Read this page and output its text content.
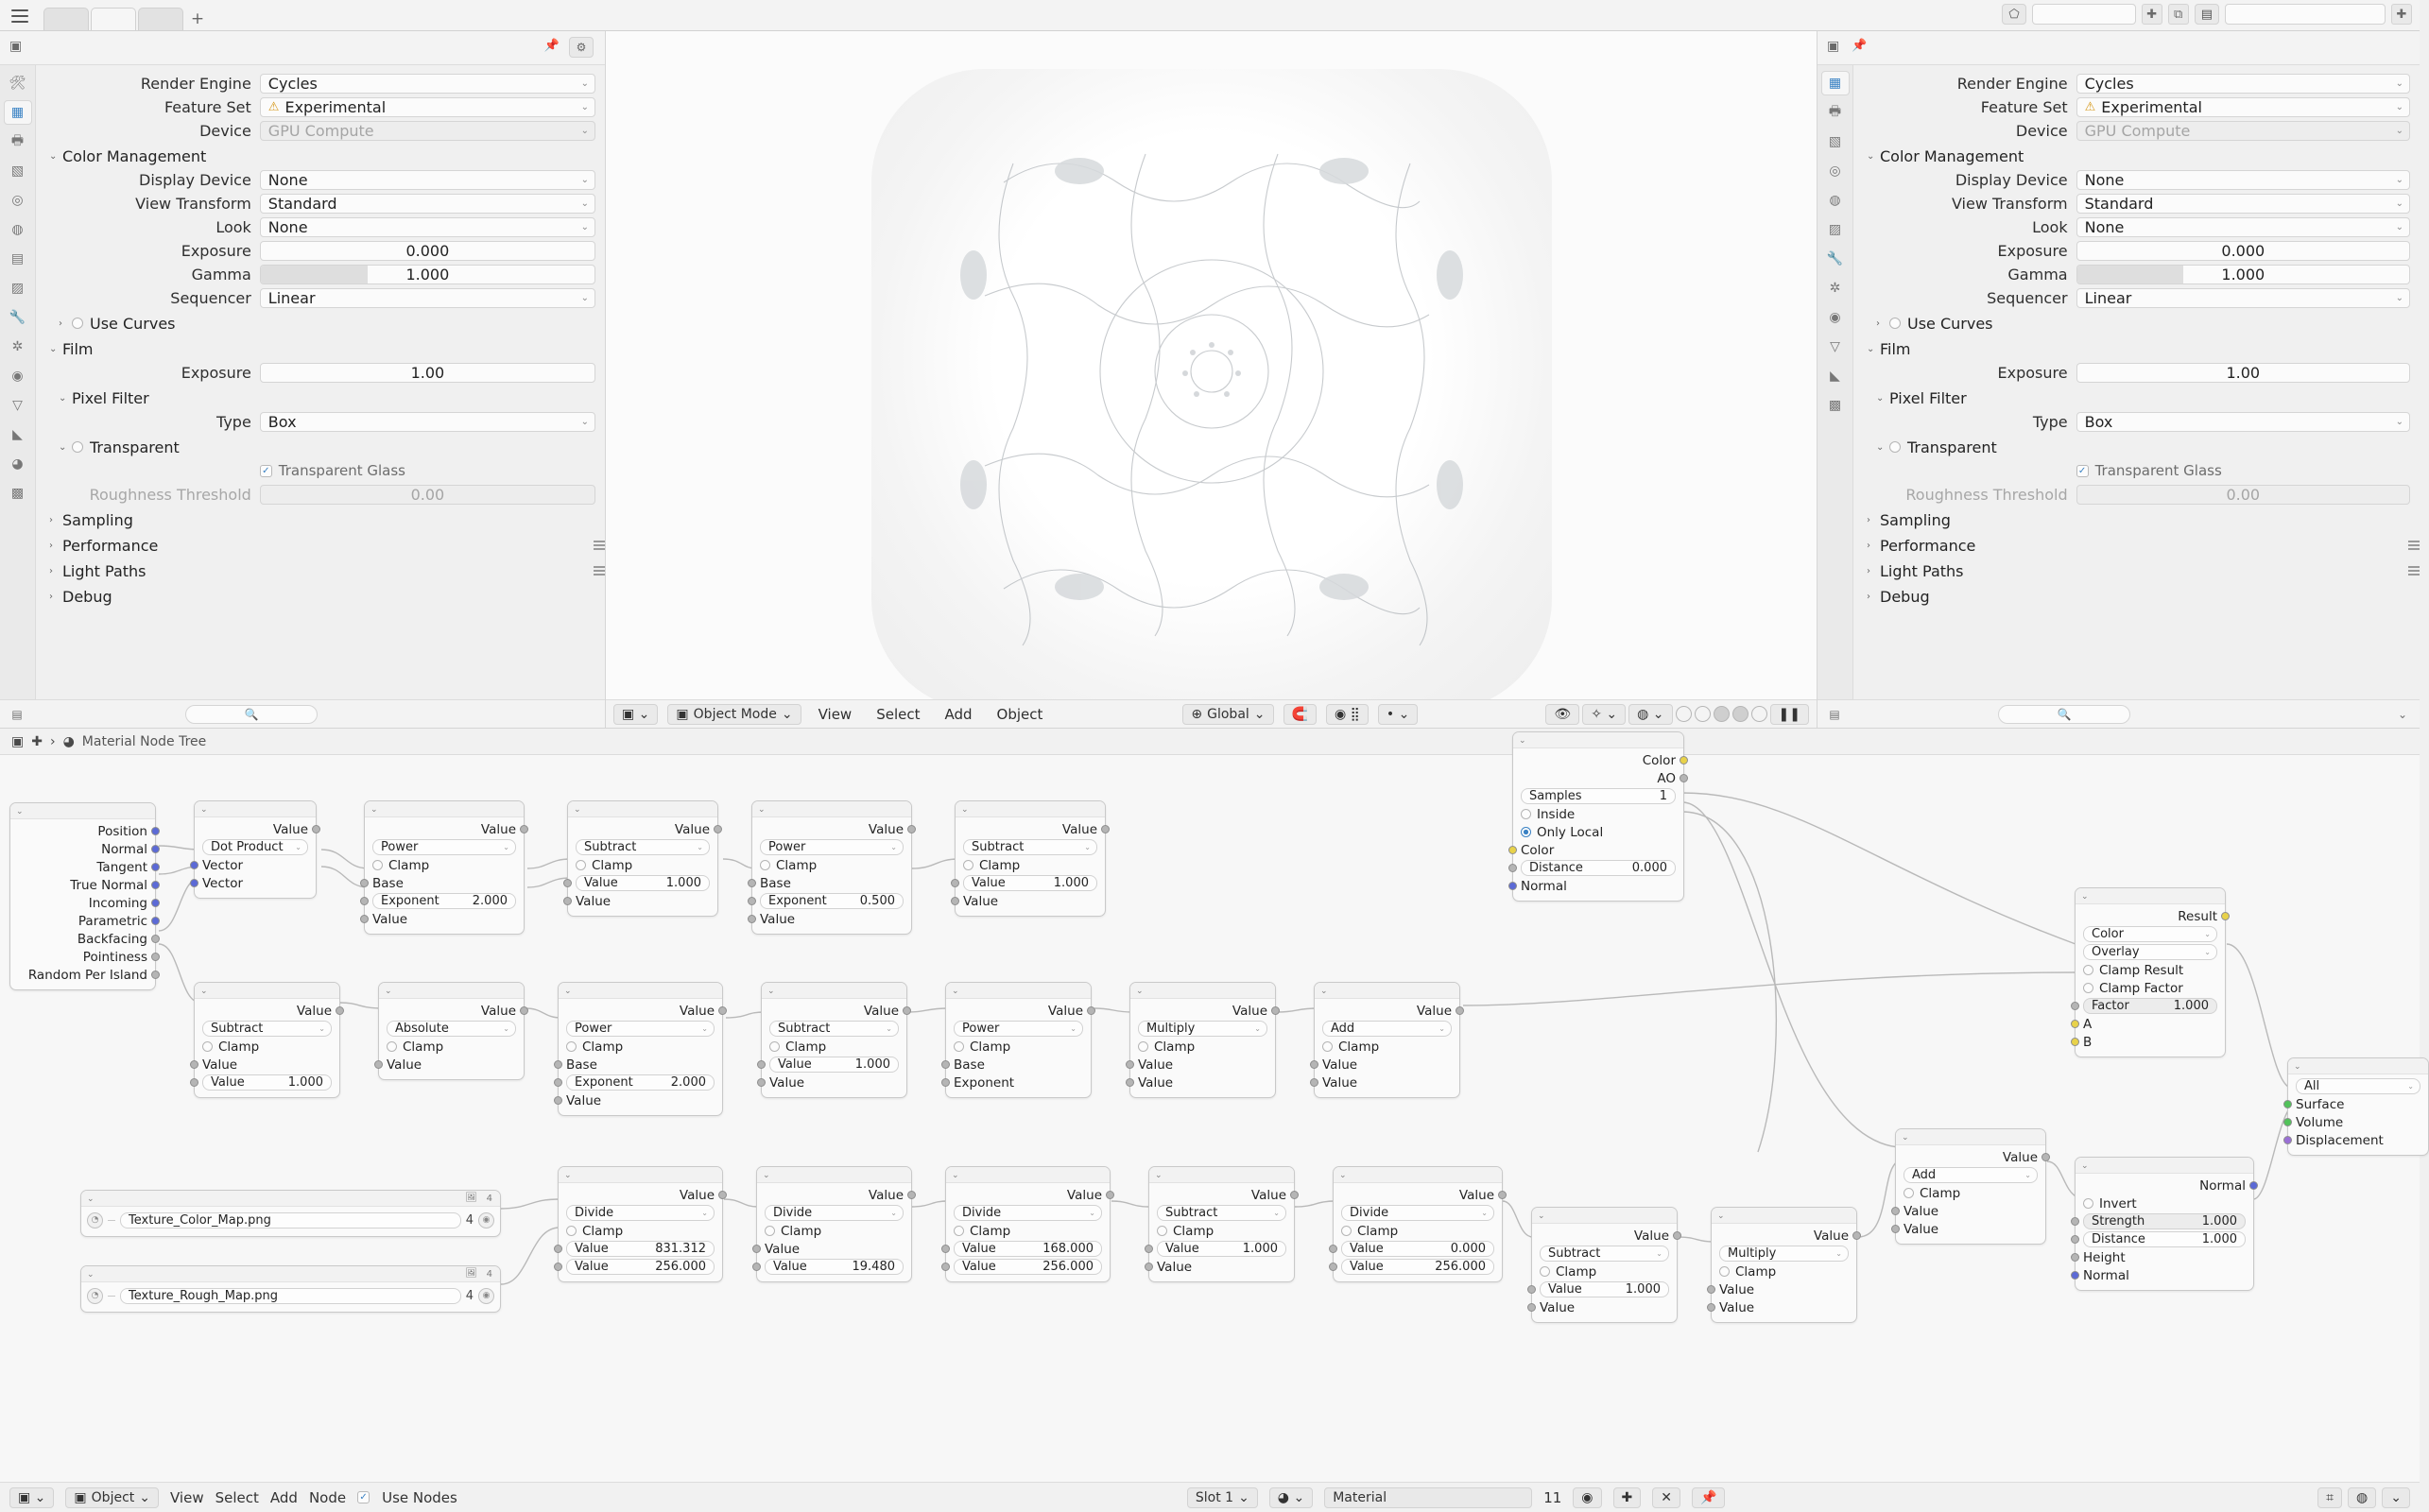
+	⬠	✚	⧉	▤	✚
▣	📌	⚙
🛠
▦
🖶
▧
◎
◍
▤
▨
🔧
✲
◉
▽
◣
◕
▩
Render Engine	Cycles	⌄
Feature Set	⚠ Experimental	⌄
Device	GPU Compute	⌄
⌄ Color Management
Display Device	None	⌄
View Transform	Standard	⌄
Look	None	⌄
Exposure	0.000
Gamma	1.000
Sequencer	Linear	⌄
›	Use Curves
⌄ Film
Exposure	1.00
⌄ Pixel Filter
Type	Box	⌄
⌄	Transparent
✓ Transparent Glass
Roughness Threshold	0.00
› Sampling
› Performance
› Light Paths
› Debug
▤	🔍	▣ ⌄	▣ Object Mode ⌄	View	Select	Add	Object	⊕ Global ⌄	🧲	◉ ⣿	• ⌄	👁	✧ ⌄	◍ ⌄	❚❚
▣ 📌
▦
🖶
▧
◎
◍
▨
🔧
✲
◉
▽
◣
▩
Render Engine	Cycles	⌄
Feature Set	⚠ Experimental	⌄
Device	GPU Compute	⌄
⌄ Color Management
Display Device	None	⌄
View Transform	Standard	⌄
Look	None	⌄
Exposure	0.000
Gamma	1.000
Sequencer	Linear	⌄
›	Use Curves
⌄ Film
Exposure	1.00
⌄ Pixel Filter
Type	Box	⌄
⌄	Transparent
✓ Transparent Glass
Roughness Threshold	0.00
› Sampling
› Performance
› Light Paths
› Debug
▤	🔍	⌄
▣ ✚ › ◕ Material Node Tree
⌄
Position
Normal
Tangent
True Normal
Incoming
Parametric
Backfacing
Pointiness
Random Per Island
⌄
Value
Dot Product ⌄
Vector
Vector
⌄
Value
Power	⌄
Clamp
Base
Exponent	2.000
Value
⌄
Value
Subtract	⌄
Clamp
Value	1.000
Value
⌄
Value
Power	⌄
Clamp
Base
Exponent	0.500
Value
⌄
Value
Subtract	⌄
Clamp
Value	1.000
Value
⌄
Color
AO
Samples	1
Inside
Only Local
Color
Distance	0.000
Normal
⌄
Value
Subtract	⌄
Clamp
Value
Value	1.000
⌄
Value
Absolute	⌄
Clamp
Value
⌄
Value
Power	⌄
Clamp
Base
Exponent	2.000
Value
⌄
Value
Subtract	⌄
Clamp
Value	1.000
Value
⌄
Value
Power	⌄
Clamp
Base
Exponent
⌄
Value
Multiply	⌄
Clamp
Value
Value
⌄
Value
Add	⌄
Clamp
Value
Value
⌄
Result
Color	⌄
Overlay	⌄
Clamp Result
Clamp Factor
Factor	1.000
A
B
⌄
All	⌄
Surface
Volume
Displacement
⌄
Value
Add	⌄
Clamp
Value
Value
⌄
Normal
Invert
Strength	1.000
Distance	1.000
Height
Normal
⌄	🖼 4
◔	Texture_Color_Map.png	4	◉
⌄	🖼 4
◔	Texture_Rough_Map.png	4	◉
⌄
Value
Divide	⌄
Clamp
Value	831.312
Value	256.000
⌄
Value
Divide	⌄
Clamp
Value
Value	19.480
⌄
Value
Divide	⌄
Clamp
Value	168.000
Value	256.000
⌄
Value
Subtract	⌄
Clamp
Value	1.000
Value
⌄
Value
Divide	⌄
Clamp
Value	0.000
Value	256.000
⌄
Value
Subtract	⌄
Clamp
Value	1.000
Value
⌄
Value
Multiply	⌄
Clamp
Value
Value
▣ ⌄	▣ Object ⌄	View Select Add Node ✓ Use Nodes	Slot 1 ⌄	◕ ⌄	Material	11	◉	✚	✕	📌	⌗	◍	⌄
